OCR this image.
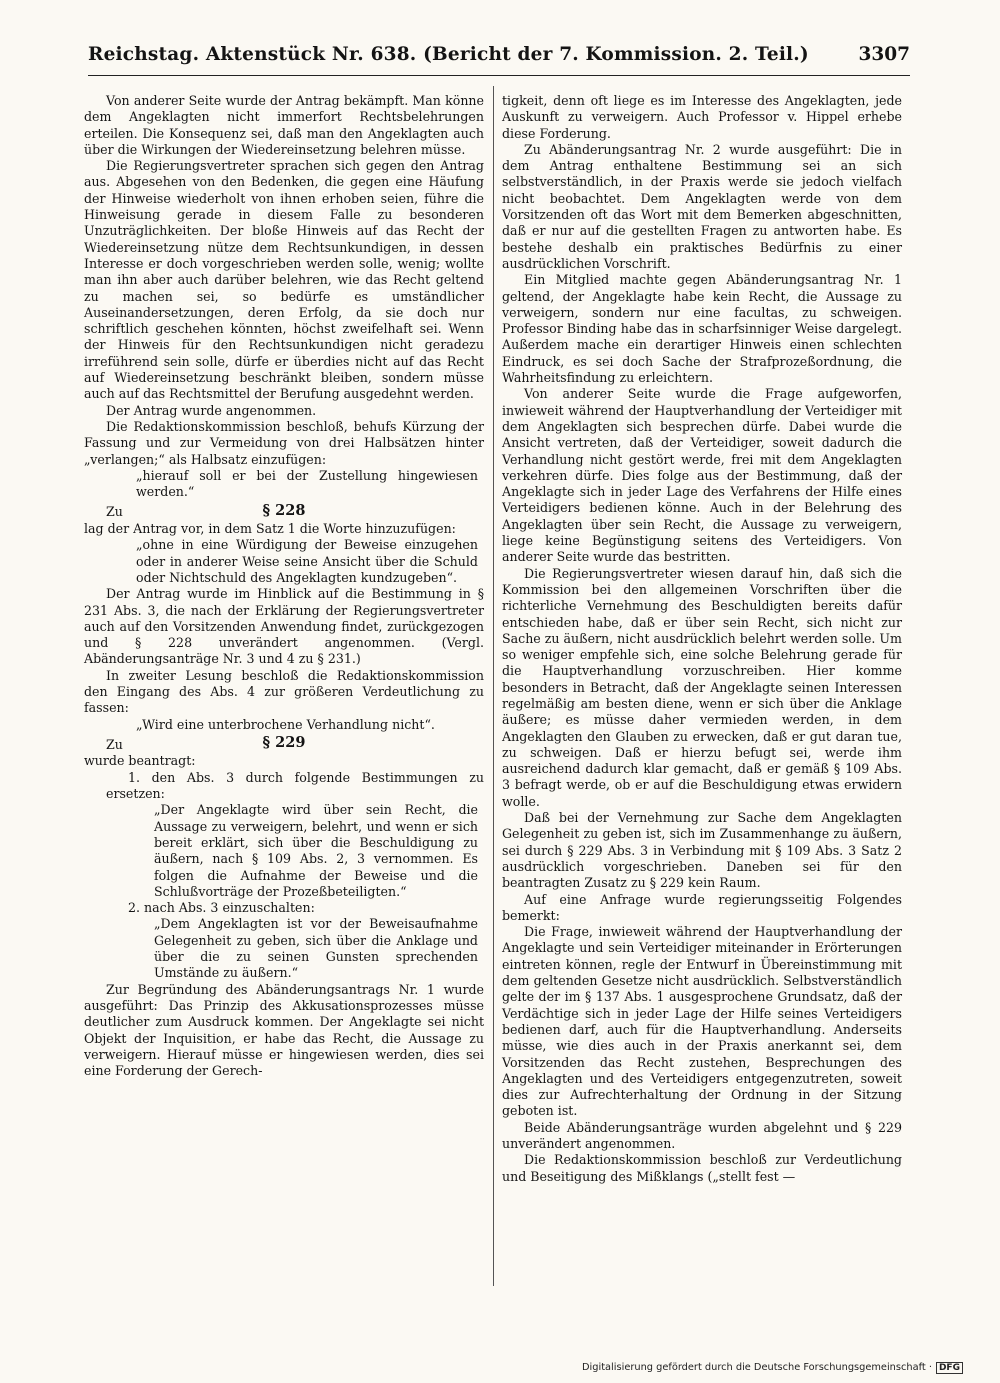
Reichstag. Aktenstück Nr. 638. (Bericht der 7. Kommission. 2. Teil.)	3307

Von anderer Seite wurde der Antrag bekämpft. Man könne dem Angeklagten nicht immerfort Rechtsbelehrungen erteilen. Die Konsequenz sei, daß man den Angeklagten auch über die Wirkungen der Wiedereinsetzung belehren müsse.

Die Regierungsvertreter sprachen sich gegen den Antrag aus. Abgesehen von den Bedenken, die gegen eine Häufung der Hinweise wiederholt von ihnen erhoben seien, führe die Hinweisung gerade in diesem Falle zu besonderen Unzuträglichkeiten. Der bloße Hinweis auf das Recht der Wiedereinsetzung nütze dem Rechtsunkundigen, in dessen Interesse er doch vorgeschrieben werden solle, wenig; wollte man ihn aber auch darüber belehren, wie das Recht geltend zu machen sei, so bedürfe es umständlicher Auseinandersetzungen, deren Erfolg, da sie doch nur schriftlich geschehen könnten, höchst zweifelhaft sei. Wenn der Hinweis für den Rechtsunkundigen nicht geradezu irreführend sein solle, dürfe er überdies nicht auf das Recht auf Wiedereinsetzung beschränkt bleiben, sondern müsse auch auf das Rechtsmittel der Berufung ausgedehnt werden.

Der Antrag wurde angenommen.

Die Redaktionskommission beschloß, behufs Kürzung der Fassung und zur Vermeidung von drei Halbsätzen hinter „verlangen;“ als Halbsatz einzufügen:

„hierauf soll er bei der Zustellung hingewiesen werden.“

Zu	§ 228

lag der Antrag vor, in dem Satz 1 die Worte hinzuzufügen:

„ohne in eine Würdigung der Beweise einzugehen oder in anderer Weise seine Ansicht über die Schuld oder Nichtschuld des Angeklagten kundzugeben“.

Der Antrag wurde im Hinblick auf die Bestimmung in § 231 Abs. 3, die nach der Erklärung der Regierungsvertreter auch auf den Vorsitzenden Anwendung findet, zurückgezogen und § 228 unverändert angenommen. (Vergl. Abänderungsanträge Nr. 3 und 4 zu § 231.)

In zweiter Lesung beschloß die Redaktionskommission den Eingang des Abs. 4 zur größeren Verdeutlichung zu fassen:

„Wird eine unterbrochene Verhandlung nicht“.

Zu	§ 229

wurde beantragt:

1. den Abs. 3 durch folgende Bestimmungen zu ersetzen:

„Der Angeklagte wird über sein Recht, die Aussage zu verweigern, belehrt, und wenn er sich bereit erklärt, sich über die Beschuldigung zu äußern, nach § 109 Abs. 2, 3 vernommen. Es folgen die Aufnahme der Beweise und die Schlußvorträge der Prozeßbeteiligten.“

2. nach Abs. 3 einzuschalten:

„Dem Angeklagten ist vor der Beweisaufnahme Gelegenheit zu geben, sich über die Anklage und über die zu seinen Gunsten sprechenden Umstände zu äußern.“

Zur Begründung des Abänderungsantrags Nr. 1 wurde ausgeführt: Das Prinzip des Akkusationsprozesses müsse deutlicher zum Ausdruck kommen. Der Angeklagte sei nicht Objekt der Inquisition, er habe das Recht, die Aussage zu verweigern. Hierauf müsse er hingewiesen werden, dies sei eine Forderung der Gerech-

tigkeit, denn oft liege es im Interesse des Angeklagten, jede Auskunft zu verweigern. Auch Professor v. Hippel erhebe diese Forderung.

Zu Abänderungsantrag Nr. 2 wurde ausgeführt: Die in dem Antrag enthaltene Bestimmung sei an sich selbstverständlich, in der Praxis werde sie jedoch vielfach nicht beobachtet. Dem Angeklagten werde von dem Vorsitzenden oft das Wort mit dem Bemerken abgeschnitten, daß er nur auf die gestellten Fragen zu antworten habe. Es bestehe deshalb ein praktisches Bedürfnis zu einer ausdrücklichen Vorschrift.

Ein Mitglied machte gegen Abänderungsantrag Nr. 1 geltend, der Angeklagte habe kein Recht, die Aussage zu verweigern, sondern nur eine facultas, zu schweigen. Professor Binding habe das in scharfsinniger Weise dargelegt. Außerdem mache ein derartiger Hinweis einen schlechten Eindruck, es sei doch Sache der Strafprozeßordnung, die Wahrheitsfindung zu erleichtern.

Von anderer Seite wurde die Frage aufgeworfen, inwieweit während der Hauptverhandlung der Verteidiger mit dem Angeklagten sich besprechen dürfe. Dabei wurde die Ansicht vertreten, daß der Verteidiger, soweit dadurch die Verhandlung nicht gestört werde, frei mit dem Angeklagten verkehren dürfe. Dies folge aus der Bestimmung, daß der Angeklagte sich in jeder Lage des Verfahrens der Hilfe eines Verteidigers bedienen könne. Auch in der Belehrung des Angeklagten über sein Recht, die Aussage zu verweigern, liege keine Begünstigung seitens des Verteidigers. Von anderer Seite wurde das bestritten.

Die Regierungsvertreter wiesen darauf hin, daß sich die Kommission bei den allgemeinen Vorschriften über die richterliche Vernehmung des Beschuldigten bereits dafür entschieden habe, daß er über sein Recht, sich nicht zur Sache zu äußern, nicht ausdrücklich belehrt werden solle. Um so weniger empfehle sich, eine solche Belehrung gerade für die Hauptverhandlung vorzuschreiben. Hier komme besonders in Betracht, daß der Angeklagte seinen Interessen regelmäßig am besten diene, wenn er sich über die Anklage äußere; es müsse daher vermieden werden, in dem Angeklagten den Glauben zu erwecken, daß er gut daran tue, zu schweigen. Daß er hierzu befugt sei, werde ihm ausreichend dadurch klar gemacht, daß er gemäß § 109 Abs. 3 befragt werde, ob er auf die Beschuldigung etwas erwidern wolle.

Daß bei der Vernehmung zur Sache dem Angeklagten Gelegenheit zu geben ist, sich im Zusammenhange zu äußern, sei durch § 229 Abs. 3 in Verbindung mit § 109 Abs. 3 Satz 2 ausdrücklich vorgeschrieben. Daneben sei für den beantragten Zusatz zu § 229 kein Raum.

Auf eine Anfrage wurde regierungsseitig Folgendes bemerkt:

Die Frage, inwieweit während der Hauptverhandlung der Angeklagte und sein Verteidiger miteinander in Erörterungen eintreten können, regle der Entwurf in Übereinstimmung mit dem geltenden Gesetze nicht ausdrücklich. Selbstverständlich gelte der im § 137 Abs. 1 ausgesprochene Grundsatz, daß der Verdächtige sich in jeder Lage der Hilfe seines Verteidigers bedienen darf, auch für die Hauptverhandlung. Anderseits müsse, wie dies auch in der Praxis anerkannt sei, dem Vorsitzenden das Recht zustehen, Besprechungen des Angeklagten und des Verteidigers entgegenzutreten, soweit dies zur Aufrechterhaltung der Ordnung in der Sitzung geboten ist.

Beide Abänderungsanträge wurden abgelehnt und § 229 unverändert angenommen.

Die Redaktionskommission beschloß zur Verdeutlichung und Beseitigung des Mißklangs („stellt fest —

Digitalisierung gefördert durch die Deutsche Forschungsgemeinschaft · DFG
